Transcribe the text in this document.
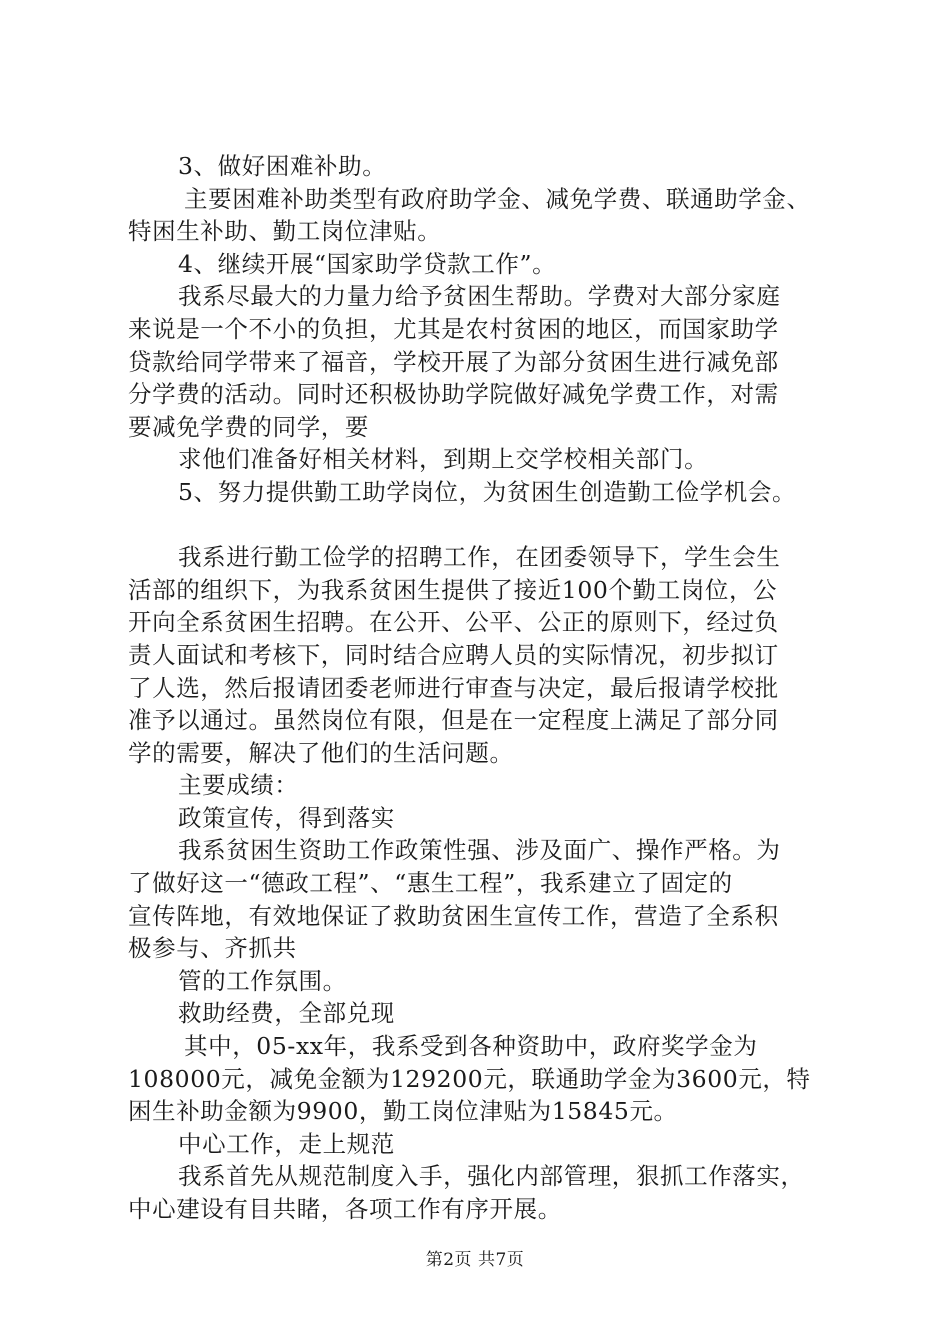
3、做好困难补助。
主要困难补助类型有政府助学金、减免学费、联通助学金、
特困生补助、勤工岗位津贴。
4、继续开展“国家助学贷款工作”。
我系尽最大的力量力给予贫困生帮助。学费对大部分家庭
来说是一个不小的负担，尤其是农村贫困的地区，而国家助学
贷款给同学带来了福音，学校开展了为部分贫困生进行减免部
分学费的活动。同时还积极协助学院做好减免学费工作，对需
要减免学费的同学，要
求他们准备好相关材料，到期上交学校相关部门。
5、努力提供勤工助学岗位，为贫困生创造勤工俭学机会。
我系进行勤工俭学的招聘工作，在团委领导下，学生会生
活部的组织下，为我系贫困生提供了接近100个勤工岗位，公
开向全系贫困生招聘。在公开、公平、公正的原则下，经过负
责人面试和考核下，同时结合应聘人员的实际情况，初步拟订
了人选，然后报请团委老师进行审查与决定，最后报请学校批
准予以通过。虽然岗位有限，但是在一定程度上满足了部分同
学的需要，解决了他们的生活问题。
主要成绩：
政策宣传，得到落实
我系贫困生资助工作政策性强、涉及面广、操作严格。为
了做好这一“德政工程”、“惠生工程”，我系建立了固定的
宣传阵地，有效地保证了救助贫困生宣传工作，营造了全系积
极参与、齐抓共
管的工作氛围。
救助经费，全部兑现
其中，05-xx年，我系受到各种资助中，政府奖学金为
108000元，减免金额为129200元，联通助学金为3600元，特
困生补助金额为9900，勤工岗位津贴为15845元。
中心工作，走上规范
我系首先从规范制度入手，强化内部管理，狠抓工作落实，
中心建设有目共睹，各项工作有序开展。
第2页 共7页
